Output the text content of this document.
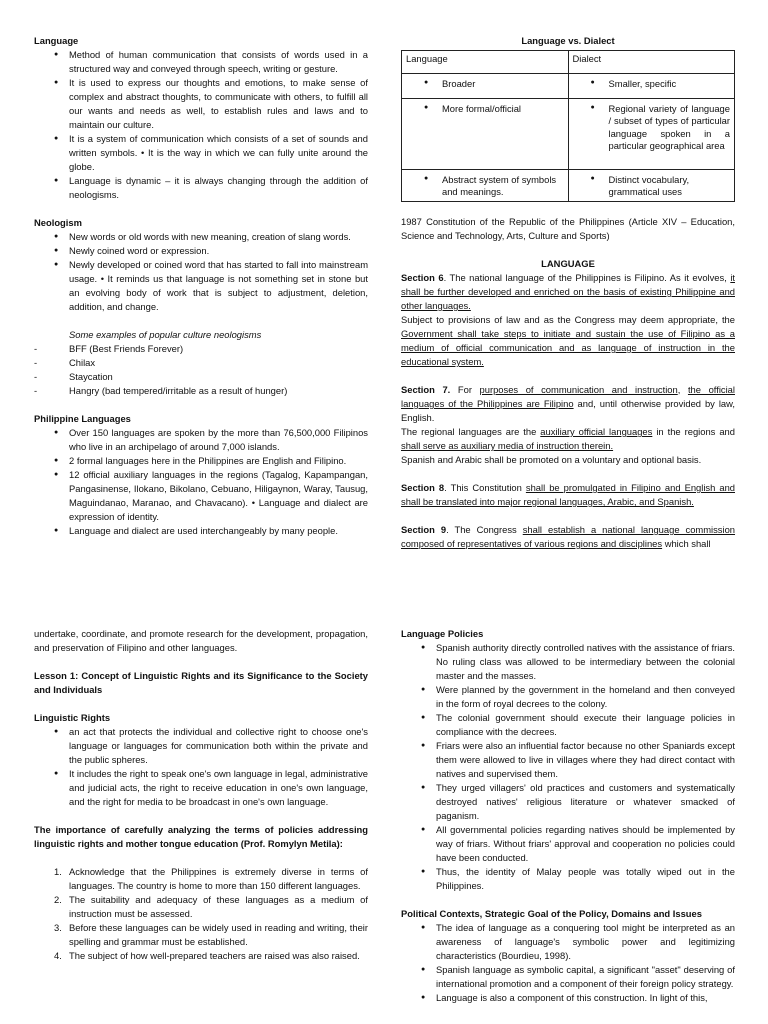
Language

● Method of human communication that consists of words used in a structured way and conveyed through speech, writing or gesture.
● It is used to express our thoughts and emotions, to make sense of complex and abstract thoughts, to communicate with others, to fulfill all our wants and needs as well, to establish rules and laws and to maintain our culture.
● It is a system of communication which consists of a set of sounds and written symbols. • It is the way in which we can fully unite around the globe.
● Language is dynamic – it is always changing through the addition of neologisms.

Neologism

● New words or old words with new meaning, creation of slang words.
● Newly coined word or expression.
● Newly developed or coined word that has started to fall into mainstream usage. • It reminds us that language is not something set in stone but an evolving body of work that is subject to adjustment, deletion, addition, and change.

Some examples of popular culture neologisms

- BFF (Best Friends Forever)
- Chilax
- Staycation
- Hangry (bad tempered/irritable as a result of hunger)

Philippine Languages

● Over 150 languages are spoken by the more than 76,500,000 Filipinos who live in an archipelago of around 7,000 islands.
● 2 formal languages here in the Philippines are English and Filipino.
● 12 official auxiliary languages in the regions (Tagalog, Kapampangan, Pangasinense, Ilokano, Bikolano, Cebuano, Hiligaynon, Waray, Tausug, Maguindanao, Maranao, and Chavacano). • Language and dialect are expression of identity.
● Language and dialect are used interchangeably by many people.

Language vs. Dialect

Language	Dialect
● Broader	● Smaller, specific
● More formal/official	● Regional variety of language / subset of types of particular language spoken in a particular geographical area
● Abstract system of symbols and meanings.	● Distinct vocabulary, grammatical uses

1987 Constitution of the Republic of the Philippines (Article XIV – Education, Science and Technology, Arts, Culture and Sports)

LANGUAGE

Section 6. The national language of the Philippines is Filipino. As it evolves, it shall be further developed and enriched on the basis of existing Philippine and other languages.

Subject to provisions of law and as the Congress may deem appropriate, the Government shall take steps to initiate and sustain the use of Filipino as a medium of official communication and as language of instruction in the educational system.

Section 7. For purposes of communication and instruction, the official languages of the Philippines are Filipino and, until otherwise provided by law, English.

The regional languages are the auxiliary official languages in the regions and shall serve as auxiliary media of instruction therein.

Spanish and Arabic shall be promoted on a voluntary and optional basis.

Section 8. This Constitution shall be promulgated in Filipino and English and shall be translated into major regional languages, Arabic, and Spanish.

Section 9. The Congress shall establish a national language commission composed of representatives of various regions and disciplines which shall

undertake, coordinate, and promote research for the development, propagation, and preservation of Filipino and other languages.

Lesson 1: Concept of Linguistic Rights and its Significance to the Society and Individuals

Linguistic Rights

● an act that protects the individual and collective right to choose one's language or languages for communication both within the private and the public spheres.
● It includes the right to speak one's own language in legal, administrative and judicial acts, the right to receive education in one's own language, and the right for media to be broadcast in one's own language.

The importance of carefully analyzing the terms of policies addressing linguistic rights and mother tongue education (Prof. Romylyn Metila):

1. Acknowledge that the Philippines is extremely diverse in terms of languages. The country is home to more than 150 different languages.
2. The suitability and adequacy of these languages as a medium of instruction must be assessed.
3. Before these languages can be widely used in reading and writing, their spelling and grammar must be established.
4. The subject of how well-prepared teachers are raised was also raised.

Language Policies

● Spanish authority directly controlled natives with the assistance of friars. No ruling class was allowed to be intermediary between the colonial master and the masses.
● Were planned by the government in the homeland and then conveyed in the form of royal decrees to the colony.
● The colonial government should execute their language policies in compliance with the decrees.
● Friars were also an influential factor because no other Spaniards except them were allowed to live in villages where they had direct contact with natives and supervised them.
● They urged villagers' old practices and customers and systematically destroyed natives' religious literature or whatever smacked of paganism.
● All governmental policies regarding natives should be implemented by way of friars. Without friars' approval and cooperation no policies could have been conducted.
● Thus, the identity of Malay people was totally wiped out in the Philippines.

Political Contexts, Strategic Goal of the Policy, Domains and Issues

● The idea of language as a conquering tool might be interpreted as an awareness of language's symbolic power and legitimizing characteristics (Bourdieu, 1998).
● Spanish language as symbolic capital, a significant "asset" deserving of international promotion and a component of their foreign policy strategy.
● Language is also a component of this construction. In light of this,
